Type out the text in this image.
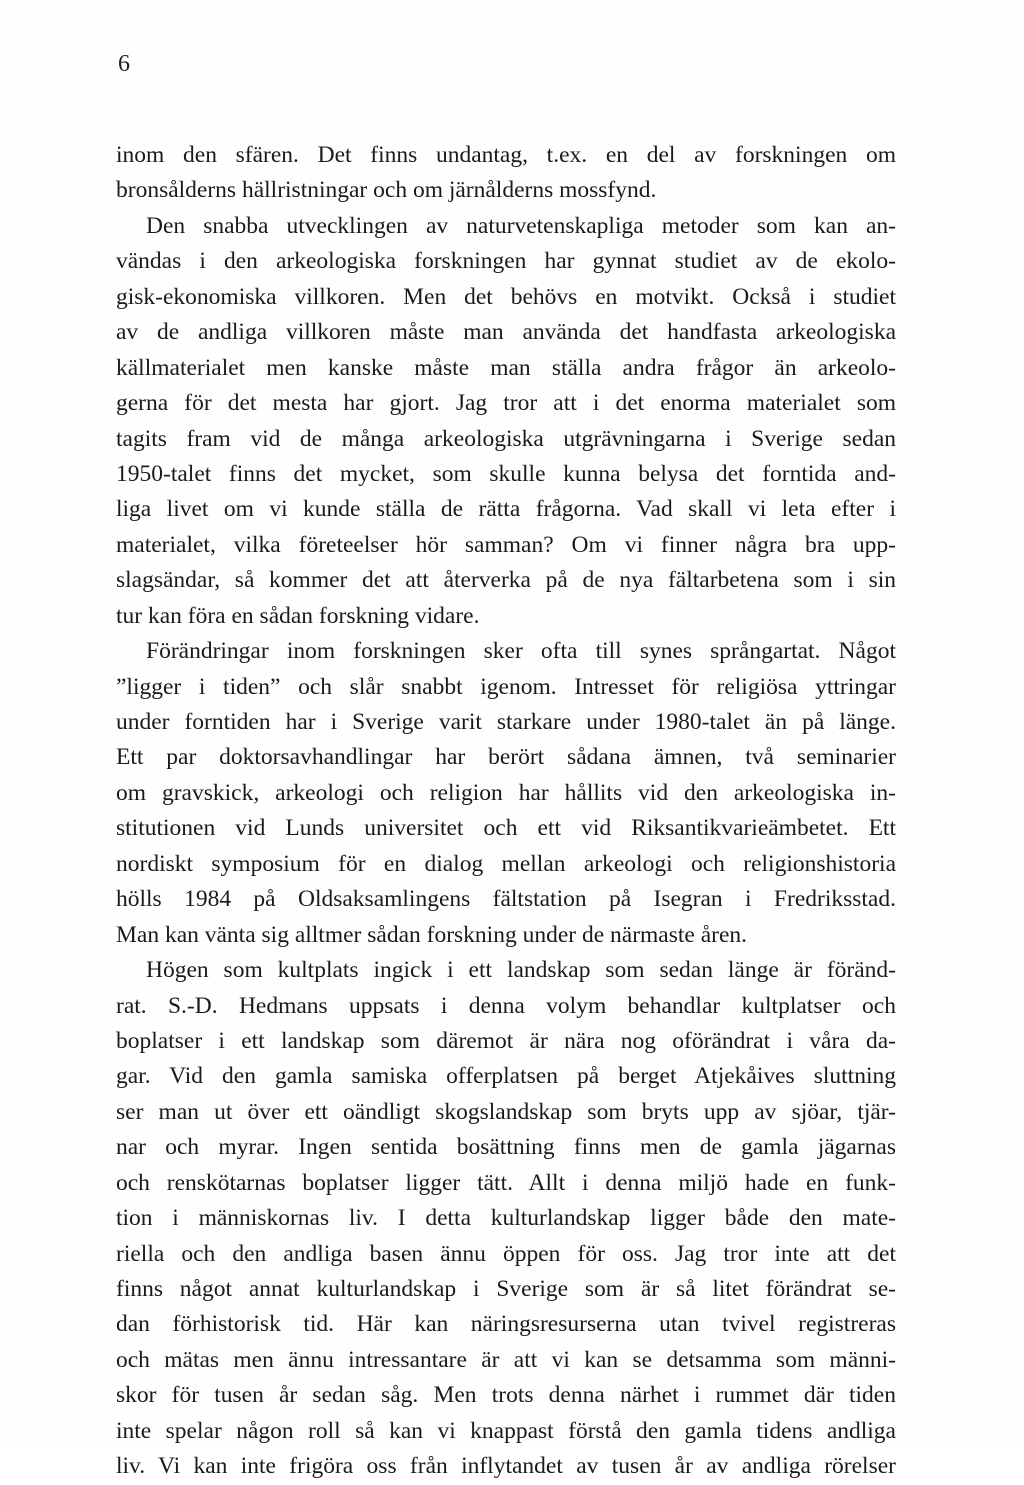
6
inom den sfären. Det finns undantag, t.ex. en del av forskningen om
bronsålderns hällristningar och om järnålderns mossfynd.
Den snabba utvecklingen av naturvetenskapliga metoder som kan an-
vändas i den arkeologiska forskningen har gynnat studiet av de ekolo-
gisk-ekonomiska villkoren. Men det behövs en motvikt. Också i studiet
av de andliga villkoren måste man använda det handfasta arkeologiska
källmaterialet men kanske måste man ställa andra frågor än arkeolo-
gerna för det mesta har gjort. Jag tror att i det enorma materialet som
tagits fram vid de många arkeologiska utgrävningarna i Sverige sedan
1950-talet finns det mycket, som skulle kunna belysa det forntida and-
liga livet om vi kunde ställa de rätta frågorna. Vad skall vi leta efter i
materialet, vilka företeelser hör samman? Om vi finner några bra upp-
slagsändar, så kommer det att återverka på de nya fältarbetena som i sin
tur kan föra en sådan forskning vidare.
Förändringar inom forskningen sker ofta till synes språngartat. Något
”ligger i tiden” och slår snabbt igenom. Intresset för religiösa yttringar
under forntiden har i Sverige varit starkare under 1980-talet än på länge.
Ett par doktorsavhandlingar har berört sådana ämnen, två seminarier
om gravskick, arkeologi och religion har hållits vid den arkeologiska in-
stitutionen vid Lunds universitet och ett vid Riksantikvarieämbetet. Ett
nordiskt symposium för en dialog mellan arkeologi och religionshistoria
hölls 1984 på Oldsaksamlingens fältstation på Isegran i Fredriksstad.
Man kan vänta sig alltmer sådan forskning under de närmaste åren.
Högen som kultplats ingick i ett landskap som sedan länge är föränd-
rat. S.-D. Hedmans uppsats i denna volym behandlar kultplatser och
boplatser i ett landskap som däremot är nära nog oförändrat i våra da-
gar. Vid den gamla samiska offerplatsen på berget Atjekåives sluttning
ser man ut över ett oändligt skogslandskap som bryts upp av sjöar, tjär-
nar och myrar. Ingen sentida bosättning finns men de gamla jägarnas
och renskötarnas boplatser ligger tätt. Allt i denna miljö hade en funk-
tion i människornas liv. I detta kulturlandskap ligger både den mate-
riella och den andliga basen ännu öppen för oss. Jag tror inte att det
finns något annat kulturlandskap i Sverige som är så litet förändrat se-
dan förhistorisk tid. Här kan näringsresurserna utan tvivel registreras
och mätas men ännu intressantare är att vi kan se detsamma som männi-
skor för tusen år sedan såg. Men trots denna närhet i rummet där tiden
inte spelar någon roll så kan vi knappast förstå den gamla tidens andliga
liv. Vi kan inte frigöra oss från inflytandet av tusen år av andliga rörelser
